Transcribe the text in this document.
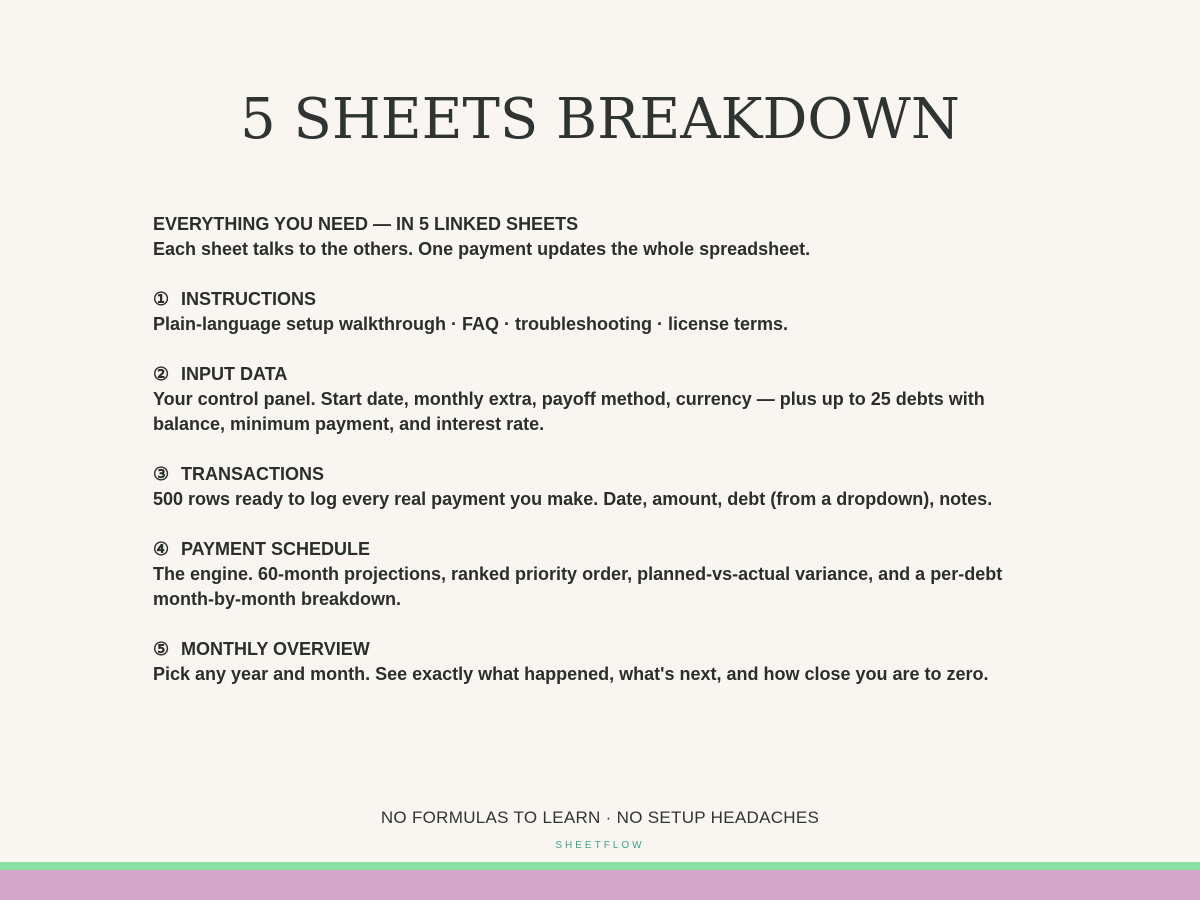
5 SHEETS BREAKDOWN

EVERYTHING YOU NEED — IN 5 LINKED SHEETS

Each sheet talks to the others. One payment updates the whole spreadsheet.

① INSTRUCTIONS

Plain-language setup walkthrough · FAQ · troubleshooting · license terms.

② INPUT DATA

Your control panel. Start date, monthly extra, payoff method, currency — plus up to 25 debts with balance, minimum payment, and interest rate.

③ TRANSACTIONS

500 rows ready to log every real payment you make. Date, amount, debt (from a dropdown), notes.

④ PAYMENT SCHEDULE

The engine. 60-month projections, ranked priority order, planned-vs-actual variance, and a per-debt month-by-month breakdown.

⑤ MONTHLY OVERVIEW

Pick any year and month. See exactly what happened, what's next, and how close you are to zero.

NO FORMULAS TO LEARN · NO SETUP HEADACHES
SHEETFLOW
